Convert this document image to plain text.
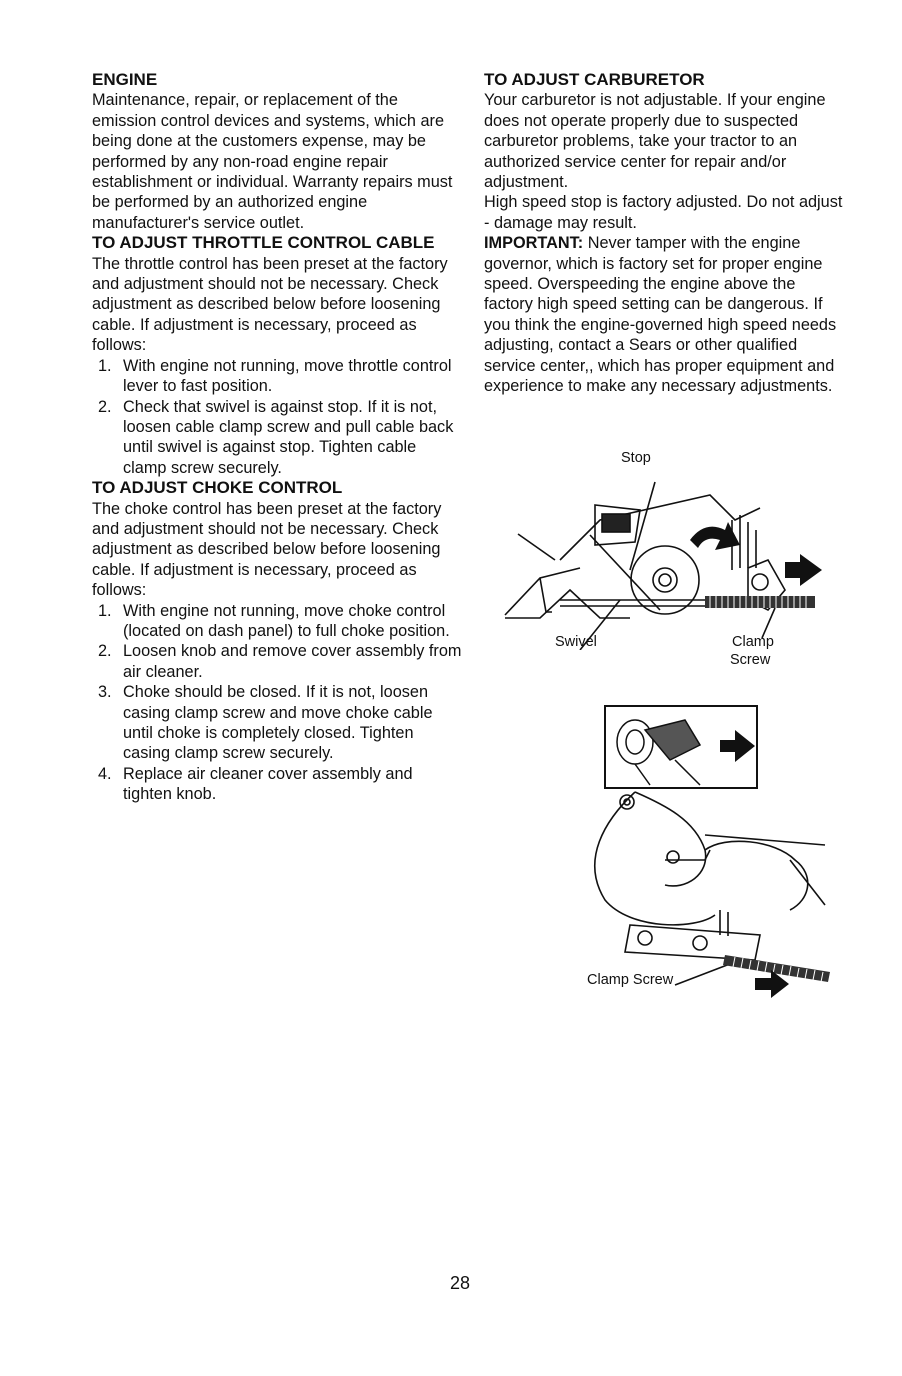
ENGINE

Maintenance, repair, or replacement of the emission control devices and systems, which are being done at the customers expense, may be performed by any non-road engine repair establishment or individual. Warranty repairs must be performed by an authorized engine manufacturer's service outlet.

TO ADJUST THROTTLE CONTROL CABLE

The throttle control has been preset at the factory and adjustment should not be necessary. Check adjustment as described below before loosening cable. If adjustment is necessary, proceed as follows:

1. With engine not running, move throttle control lever to fast position.
2. Check that swivel is against stop. If it is not, loosen cable clamp screw and pull cable back until swivel is against stop. Tighten cable clamp screw securely.
TO ADJUST CHOKE CONTROL

The choke control has been preset at the factory and adjustment should not be necessary. Check adjustment as described below before loosening cable. If adjustment is necessary, proceed as follows:

1. With engine not running, move choke control (located on dash panel) to full choke position.
2. Loosen knob and remove cover assembly from air cleaner.
3. Choke should be closed. If it is not, loosen casing clamp screw and move choke cable until choke is completely closed. Tighten casing clamp screw securely.
4. Replace air cleaner cover assembly and tighten knob.
TO ADJUST CARBURETOR

Your carburetor is not adjustable. If your engine does not operate properly due to suspected carburetor problems, take your tractor to an authorized service center for repair and/or adjustment.

High speed stop is factory adjusted. Do not adjust - damage may result.

IMPORTANT: Never tamper with the engine governor, which is factory set for proper engine speed. Overspeeding the engine above the factory high speed setting can be dangerous. If you think the engine-governed high speed needs adjusting, contact a Sears or other qualified service center,, which has proper equipment and experience to make any necessary adjustments.

Stop
Swivel	Clamp
Screw
Clamp Screw
28
